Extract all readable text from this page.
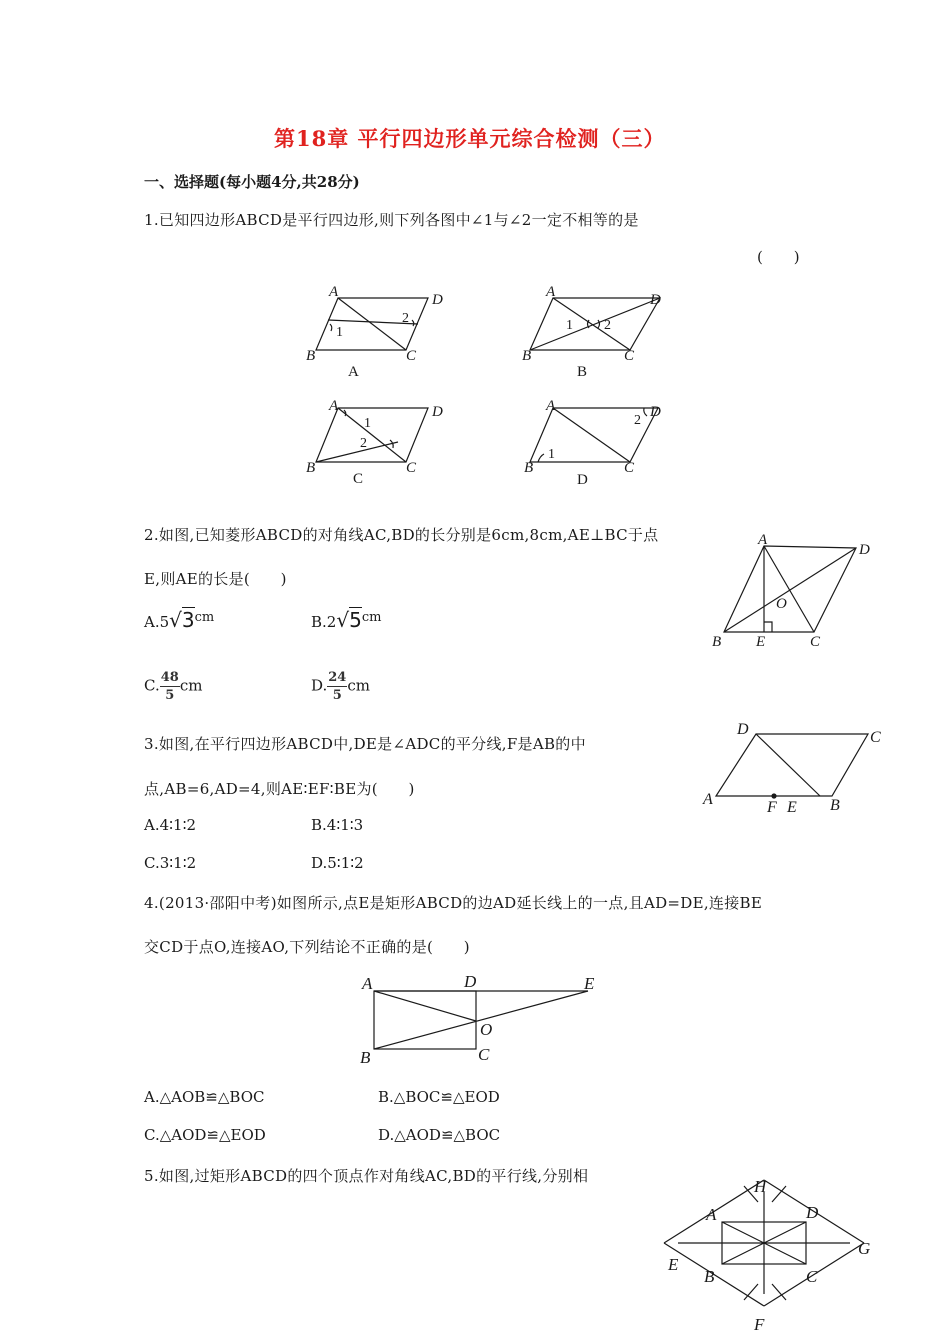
第18章 平行四边形单元综合检测（三）
一、选择题(每小题4分,共28分)
1.已知四边形ABCD是平行四边形,则下列各图中∠1与∠2一定不相等的是
(　　)
A	D
B	C
A	D
B	C
A	D
B	C
A	D
B	C
1
2	1 2
1
2
2
1
A	B
C	D
2.如图,已知菱形ABCD的对角线AC,BD的长分别是6cm,8cm,AE⊥BC于点
E,则AE的长是(　　)
$A.5√3^{cm}$	$B.2√5^{cm}$
C. $\frac{48}{5}$ cm	D. $\frac{24}{5}$ cm
A
D
O
B E	C
3.如图,在平行四边形ABCD中,DE是∠ADC的平分线,F是AB的中
点,AB=6,AD=4,则AE∶EF∶BE为(　　)
A.4∶1∶2	B.4∶1∶3
C.3∶1∶2	D.5∶1∶2
D	C
A	F E B
4.(2013·邵阳中考)如图所示,点E是矩形ABCD的边AD延长线上的一点,且AD=DE,连接BE
交CD于点O,连接AO,下列结论不正确的是(　　)
A	D	E
O
B	C
A.△AOB≌△BOC	B.△BOC≌△EOD
C.△AOD≌△EOD	D.△AOD≌△BOC
5.如图,过矩形ABCD的四个顶点作对角线AC,BD的平行线,分别相
H
A	D
G
E
B	C
F
